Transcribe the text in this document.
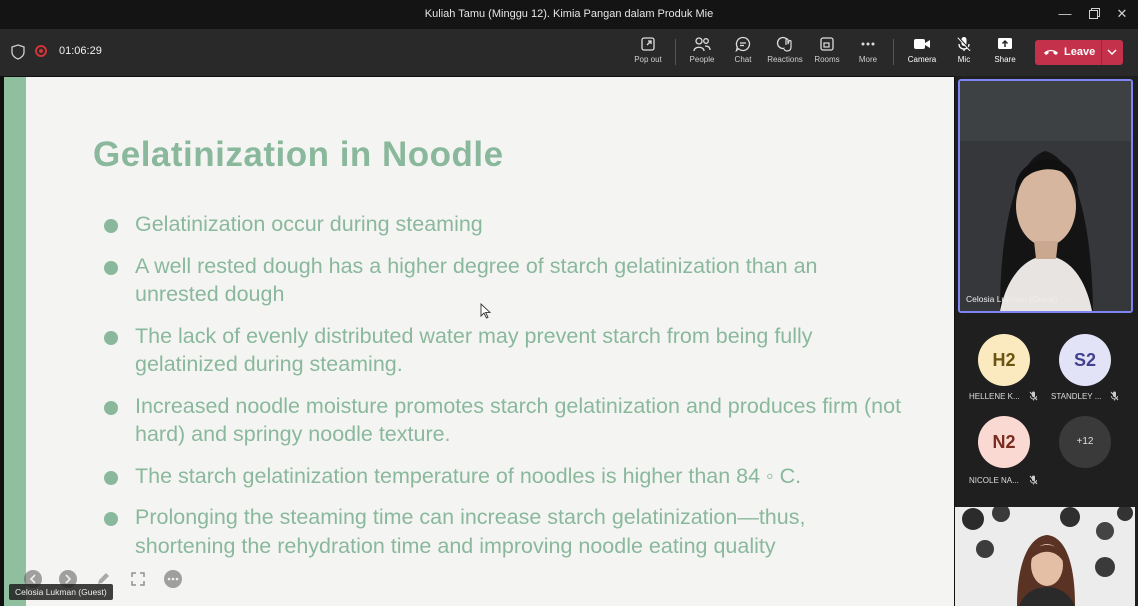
Kuliah Tamu (Minggu 12). Kimia Pangan dalam Produk Mie	—	✕
01:06:29
Pop out	People	Chat	Reactions	Rooms	More	Camera	Mic	Share
Leave
Gelatinization in Noodle
Gelatinization occur during steaming
A well rested dough has a higher degree of starch gelatinization than an unrested dough
The lack of evenly distributed water may prevent starch from being fully gelatinized during steaming.
Increased noodle moisture promotes starch gelatinization and produces firm (not hard) and springy noodle texture.
The starch gelatinization temperature of noodles is higher than 84 ◦ C.
Prolonging the steaming time can increase starch gelatinization—thus, shortening the rehydration time and improving noodle eating quality
Celosia Lukman (Guest)
Celosia Lukman (Guest) ⋯
H2
HELLENE K...
S2
STANDLEY ...
N2
NICOLE NA...
+12
